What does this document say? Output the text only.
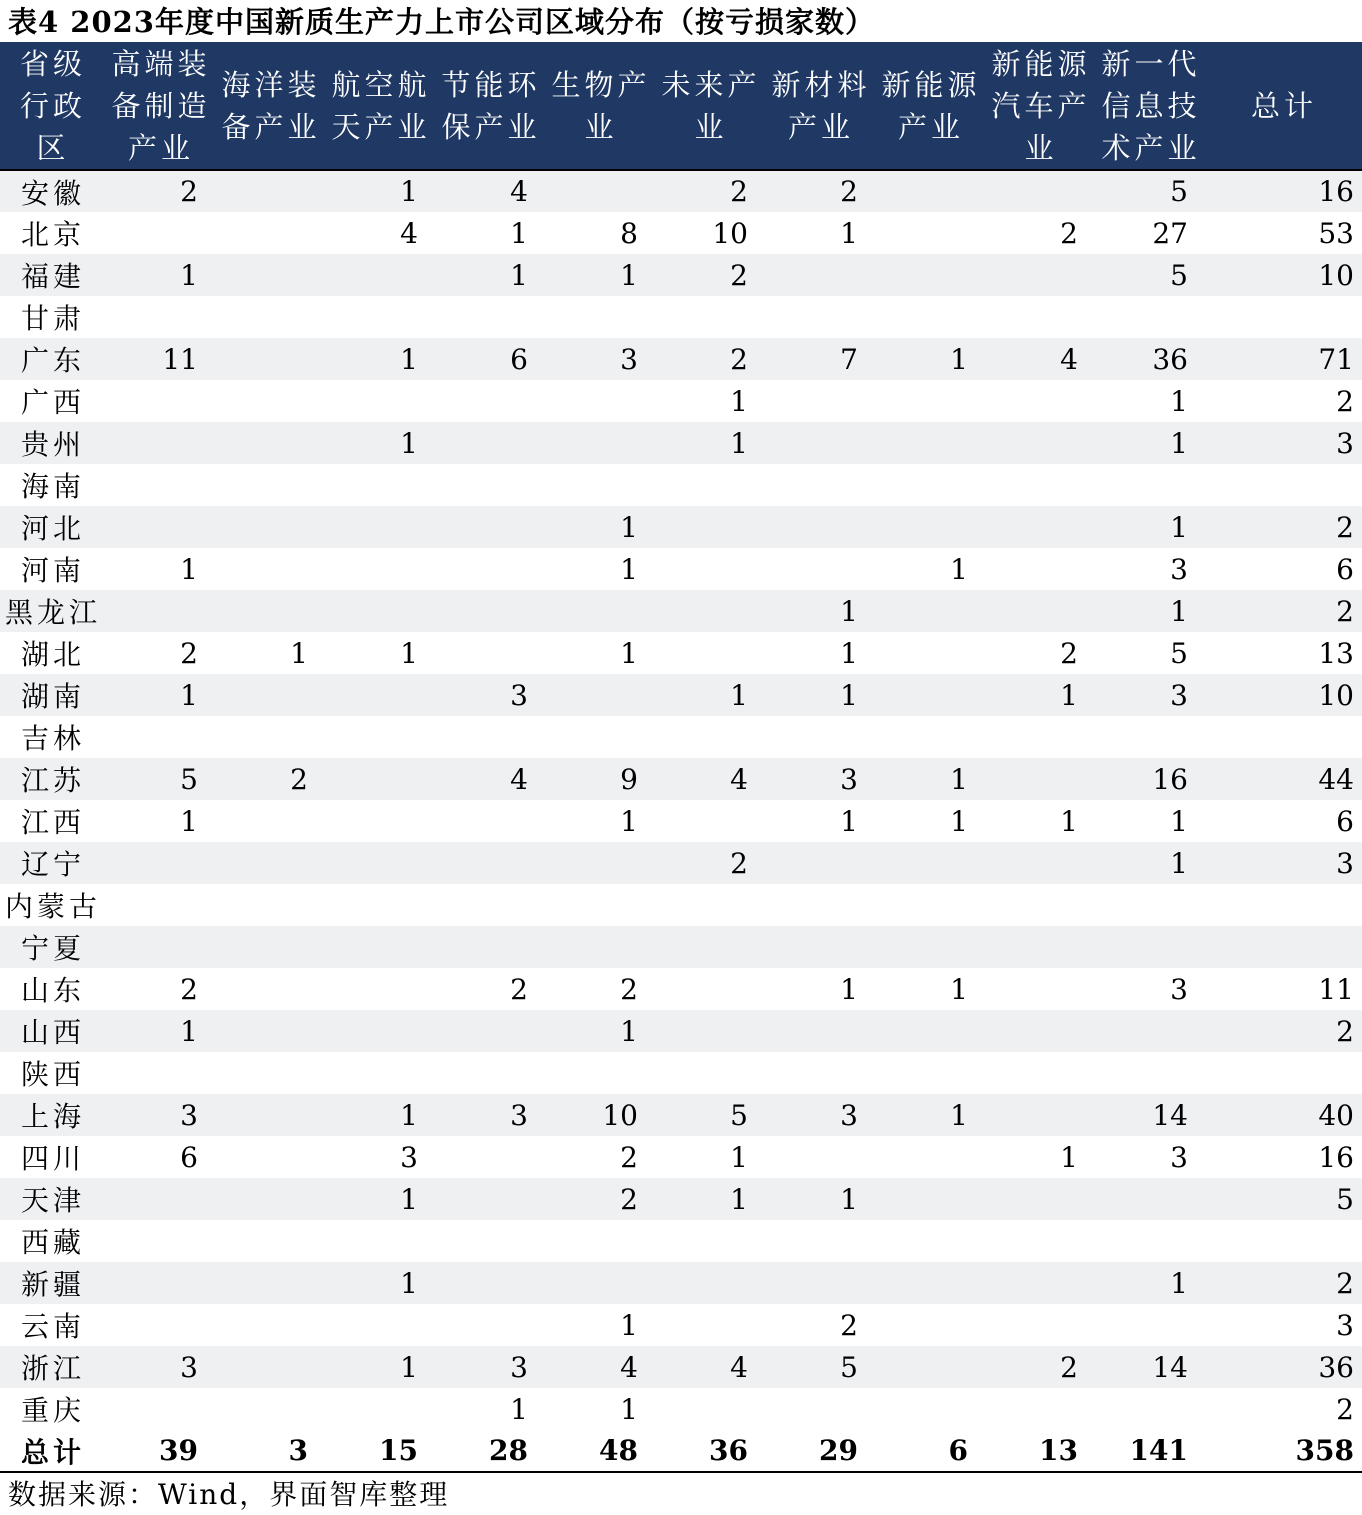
表4 2023年度中国新质生产力上市公司区域分布（按亏损家数）
省级行政区	高端装备制造产业	海洋装备产业	航空航天产业	节能环保产业	生物产业	未来产业	新材料产业	新能源产业	新能源汽车产业	新一代信息技术产业	总计
安徽	2		1	4		2	2			5	16
北京			4	1	8	10	1		2	27	53
福建	1			1	1	2				5	10
甘肃											
广东	11		1	6	3	2	7	1	4	36	71
广西						1				1	2
贵州			1			1				1	3
海南											
河北					1					1	2
河南	1				1			1		3	6
黑龙江							1			1	2
湖北	2	1	1		1		1		2	5	13
湖南	1			3		1	1		1	3	10
吉林											
江苏	5	2		4	9	4	3	1		16	44
江西	1				1		1	1	1	1	6
辽宁						2				1	3
内蒙古											
宁夏											
山东	2			2	2		1	1		3	11
山西	1				1						2
陕西											
上海	3		1	3	10	5	3	1		14	40
四川	6		3		2	1			1	3	16
天津			1		2	1	1				5
西藏											
新疆			1							1	2
云南					1		2				3
浙江	3		1	3	4	4	5		2	14	36
重庆				1	1						2
总计	39	3	15	28	48	36	29	6	13	141	358
数据来源：Wind，界面智库整理
